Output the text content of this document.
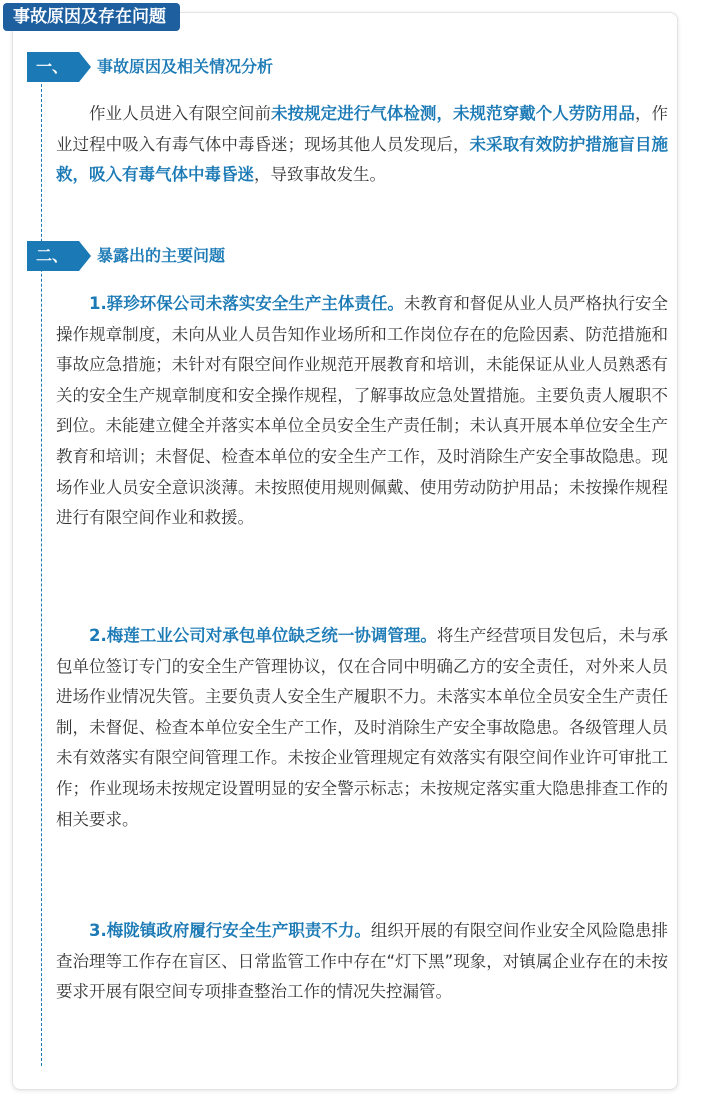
事故原因及存在问题
一、	事故原因及相关情况分析
作业人员进入有限空间前未按规定进行气体检测，未规范穿戴个人劳防用品，作业过程中吸入有毒气体中毒昏迷；现场其他人员发现后，未采取有效防护措施盲目施救，吸入有毒气体中毒昏迷，导致事故发生。
二、	暴露出的主要问题
1.驿珍环保公司未落实安全生产主体责任。未教育和督促从业人员严格执行安全操作规章制度，未向从业人员告知作业场所和工作岗位存在的危险因素、防范措施和事故应急措施；未针对有限空间作业规范开展教育和培训，未能保证从业人员熟悉有关的安全生产规章制度和安全操作规程，了解事故应急处置措施。主要负责人履职不到位。未能建立健全并落实本单位全员安全生产责任制；未认真开展本单位安全生产教育和培训；未督促、检查本单位的安全生产工作，及时消除生产安全事故隐患。现场作业人员安全意识淡薄。未按照使用规则佩戴、使用劳动防护用品；未按操作规程进行有限空间作业和救援。
2.梅莲工业公司对承包单位缺乏统一协调管理。将生产经营项目发包后，未与承包单位签订专门的安全生产管理协议，仅在合同中明确乙方的安全责任，对外来人员进场作业情况失管。主要负责人安全生产履职不力。未落实本单位全员安全生产责任制，未督促、检查本单位安全生产工作，及时消除生产安全事故隐患。各级管理人员未有效落实有限空间管理工作。未按企业管理规定有效落实有限空间作业许可审批工作；作业现场未按规定设置明显的安全警示标志；未按规定落实重大隐患排查工作的相关要求。
3.梅陇镇政府履行安全生产职责不力。组织开展的有限空间作业安全风险隐患排查治理等工作存在盲区、日常监管工作中存在“灯下黑”现象，对镇属企业存在的未按要求开展有限空间专项排查整治工作的情况失控漏管。
